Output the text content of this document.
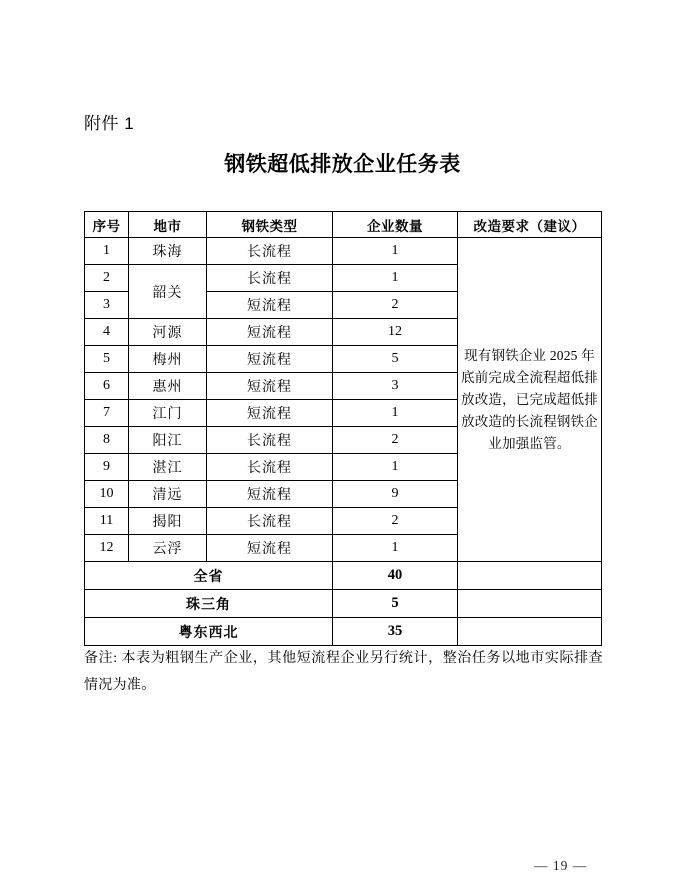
附件 1
钢铁超低排放企业任务表
序号	地市	钢铁类型	企业数量	改造要求（建议）
1	珠海	长流程	1	现有钢铁企业 2025 年底前完成全流程超低排放改造，已完成超低排放改造的长流程钢铁企业加强监管。
2	韶关	长流程	1	
3		短流程	2	
4	河源	短流程	12	
5	梅州	短流程	5	
6	惠州	短流程	3	
7	江门	短流程	1	
8	阳江	长流程	2	
9	湛江	长流程	1	
10	清远	短流程	9	
11	揭阳	长流程	2	
12	云浮	短流程	1	
全省			40	
珠三角			5	
粤东西北			35	
备注: 本表为粗钢生产企业，其他短流程企业另行统计，整治任务以地市实际排查情况为准。
— 19 —
